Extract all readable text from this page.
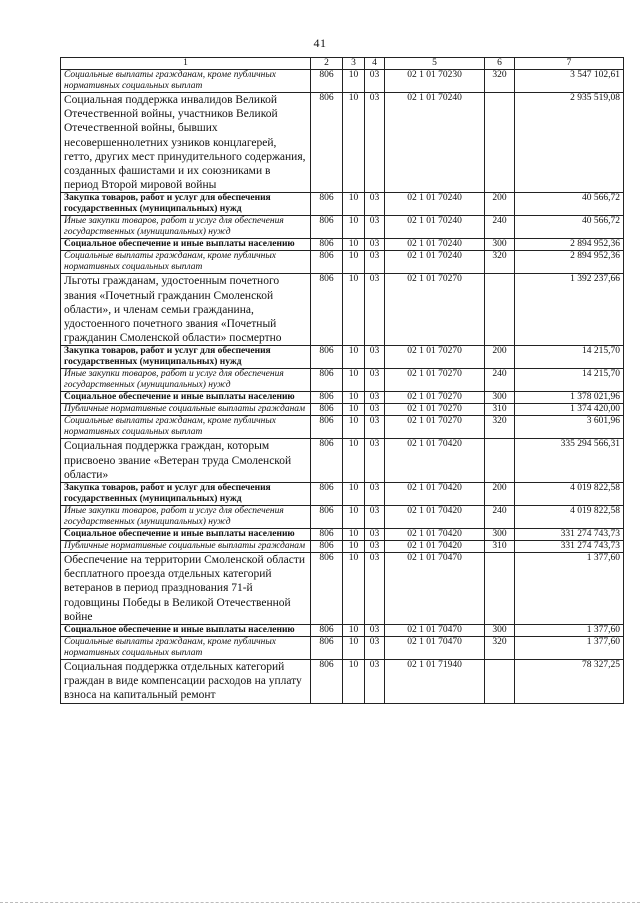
41
1	2	3	4	5	6	7
Социальные выплаты гражданам, кроме публичных нормативных социальных выплат	806	10	03	02 1 01 70230	320	3 547 102,61
Социальная поддержка инвалидов Великой Отечественной войны, участников Великой Отечественной войны, бывших несовершеннолетних узников концлагерей, гетто, других мест принудительного содержания, созданных фашистами и их союзниками в период Второй мировой войны	806	10	03	02 1 01 70240		2 935 519,08
Закупка товаров, работ и услуг для обеспечения государственных (муниципальных) нужд	806	10	03	02 1 01 70240	200	40 566,72
Иные закупки товаров, работ и услуг для обеспечения государственных (муниципальных) нужд	806	10	03	02 1 01 70240	240	40 566,72
Социальное обеспечение и иные выплаты населению	806	10	03	02 1 01 70240	300	2 894 952,36
Социальные выплаты гражданам, кроме публичных нормативных социальных выплат	806	10	03	02 1 01 70240	320	2 894 952,36
Льготы гражданам, удостоенным почетного звания «Почетный гражданин Смоленской области», и членам семьи гражданина, удостоенного почетного звания «Почетный гражданин Смоленской области» посмертно	806	10	03	02 1 01 70270		1 392 237,66
Закупка товаров, работ и услуг для обеспечения государственных (муниципальных) нужд	806	10	03	02 1 01 70270	200	14 215,70
Иные закупки товаров, работ и услуг для обеспечения государственных (муниципальных) нужд	806	10	03	02 1 01 70270	240	14 215,70
Социальное обеспечение и иные выплаты населению	806	10	03	02 1 01 70270	300	1 378 021,96
Публичные нормативные социальные выплаты гражданам	806	10	03	02 1 01 70270	310	1 374 420,00
Социальные выплаты гражданам, кроме публичных нормативных социальных выплат	806	10	03	02 1 01 70270	320	3 601,96
Социальная поддержка граждан, которым присвоено звание «Ветеран труда Смоленской области»	806	10	03	02 1 01 70420		335 294 566,31
Закупка товаров, работ и услуг для обеспечения государственных (муниципальных) нужд	806	10	03	02 1 01 70420	200	4 019 822,58
Иные закупки товаров, работ и услуг для обеспечения государственных (муниципальных) нужд	806	10	03	02 1 01 70420	240	4 019 822,58
Социальное обеспечение и иные выплаты населению	806	10	03	02 1 01 70420	300	331 274 743,73
Публичные нормативные социальные выплаты гражданам	806	10	03	02 1 01 70420	310	331 274 743,73
Обеспечение на территории Смоленской области бесплатного проезда отдельных категорий ветеранов в период празднования 71-й годовщины Победы в Великой Отечественной войне	806	10	03	02 1 01 70470		1 377,60
Социальное обеспечение и иные выплаты населению	806	10	03	02 1 01 70470	300	1 377,60
Социальные выплаты гражданам, кроме публичных нормативных социальных выплат	806	10	03	02 1 01 70470	320	1 377,60
Социальная поддержка отдельных категорий граждан в виде компенсации расходов на уплату взноса на капитальный ремонт	806	10	03	02 1 01 71940		78 327,25
